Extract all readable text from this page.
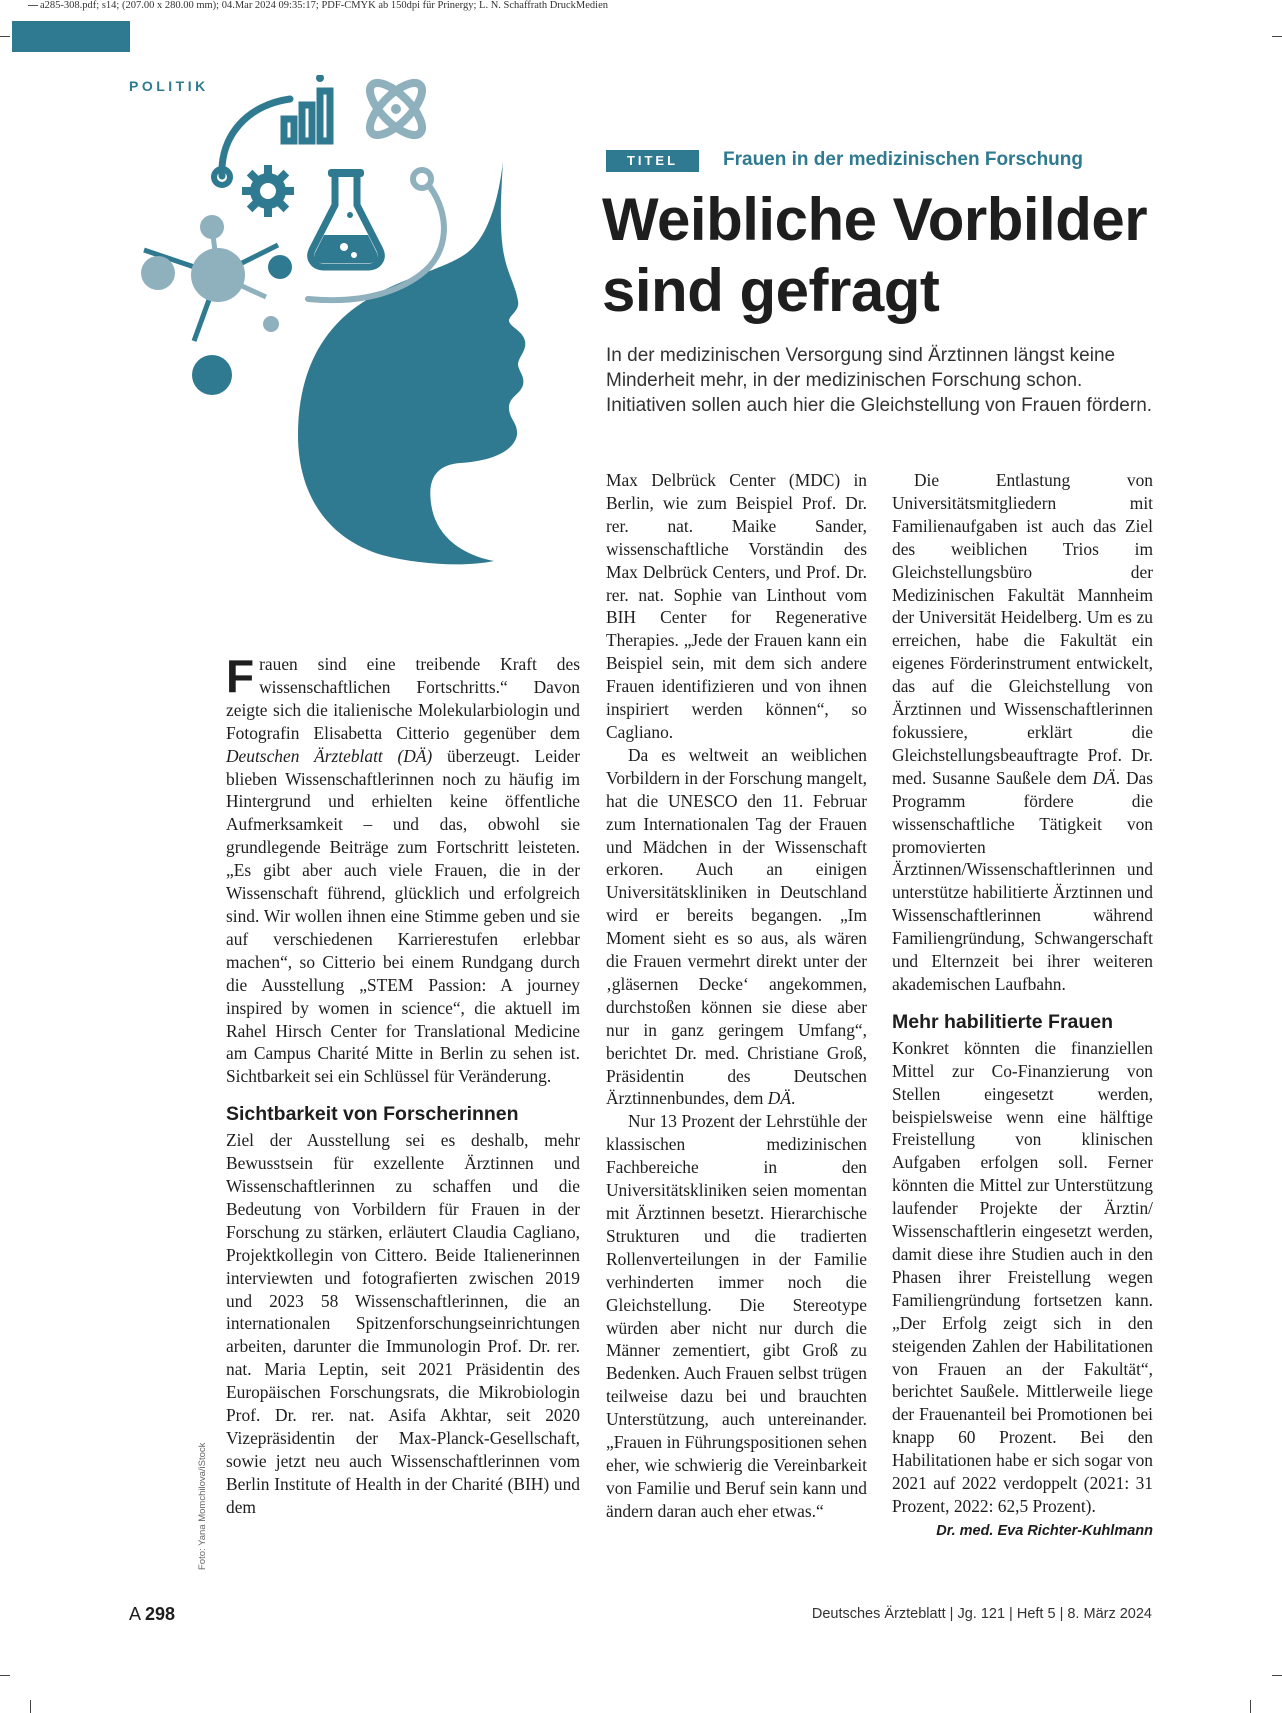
a285-308.pdf; s14; (207.00 x 280.00 mm); 04.Mar 2024 09:35:17; PDF-CMYK ab 150dpi für Prinergy; L. N. Schaffrath DruckMedien
POLITIK
TITEL	Frauen in der medizinischen Forschung
Weibliche Vorbilder
sind gefragt
In der medizinischen Versorgung sind Ärztinnen längst keine Minderheit mehr, in der medizinischen Forschung schon. Initiativen sollen auch hier die Gleichstellung von Frauen fördern.

Frauen sind eine treibende Kraft des wissenschaftlichen Fortschritts.“ Davon zeigte sich die italienische Molekularbiologin und Fotografin Elisabetta Citterio gegenüber dem Deutschen Ärzteblatt (DÄ) überzeugt. Leider blieben Wissenschaftlerinnen noch zu häufig im Hintergrund und erhielten keine öffentliche Aufmerksamkeit – und das, obwohl sie grundlegende Beiträge zum Fortschritt leisteten. „Es gibt aber auch viele Frauen, die in der Wissenschaft führend, glücklich und erfolgreich sind. Wir wollen ihnen eine Stimme geben und sie auf verschiedenen Karrierestufen erlebbar machen“, so Citterio bei einem Rundgang durch die Ausstellung „STEM Passion: A journey inspired by women in science“, die aktuell im Rahel Hirsch Center for Translational Medicine am Campus Charité Mitte in Berlin zu sehen ist. Sichtbarkeit sei ein Schlüssel für Veränderung.

Sichtbarkeit von Forscherinnen

Ziel der Ausstellung sei es deshalb, mehr Bewusstsein für exzellente Ärztinnen und Wissenschaftlerinnen zu schaffen und die Bedeutung von Vorbildern für Frauen in der Forschung zu stärken, erläutert Claudia Cagliano, Projektkollegin von Cittero. Beide Italienerinnen interviewten und fotografierten zwischen 2019 und 2023 58 Wissenschaftlerinnen, die an internationalen Spitzenforschungseinrichtungen arbeiten, darunter die Immunologin Prof. Dr. rer. nat. Maria Leptin, seit 2021 Präsidentin des Europäischen Forschungsrats, die Mikrobiologin Prof. Dr. rer. nat. Asifa Akhtar, seit 2020 Vizepräsidentin der Max-Planck-Gesellschaft, sowie jetzt neu auch Wissenschaftlerinnen vom Berlin Institute of Health in der Charité (BIH) und dem

Max Delbrück Center (MDC) in Berlin, wie zum Beispiel Prof. Dr. rer. nat. Maike Sander, wissenschaftliche Vorständin des Max Delbrück Centers, und Prof. Dr. rer. nat. Sophie van Linthout vom BIH Center for Regenerative Therapies. „Jede der Frauen kann ein Beispiel sein, mit dem sich andere Frauen identifizieren und von ihnen inspiriert werden können“, so Cagliano.

Da es weltweit an weiblichen Vorbildern in der Forschung mangelt, hat die UNESCO den 11. Februar zum Internationalen Tag der Frauen und Mädchen in der Wissenschaft erkoren. Auch an einigen Universitätskliniken in Deutschland wird er bereits begangen. „Im Moment sieht es so aus, als wären die Frauen vermehrt direkt unter der ‚gläsernen Decke‘ angekommen, durchstoßen können sie diese aber nur in ganz geringem Umfang“, berichtet Dr. med. Christiane Groß, Präsidentin des Deutschen Ärztinnenbundes, dem DÄ.

Nur 13 Prozent der Lehrstühle der klassischen medizinischen Fachbereiche in den Universitätskliniken seien momentan mit Ärztinnen besetzt. Hierarchische Strukturen und die tradierten Rollenverteilungen in der Familie verhinderten immer noch die Gleichstellung. Die Stereotype würden aber nicht nur durch die Männer zementiert, gibt Groß zu Bedenken. Auch Frauen selbst trügen teilweise dazu bei und brauchten Unterstützung, auch untereinander. „Frauen in Führungspositionen sehen eher, wie schwierig die Vereinbarkeit von Familie und Beruf sein kann und ändern daran auch eher etwas.“

Die Entlastung von Universitätsmitgliedern mit Familienaufgaben ist auch das Ziel des weiblichen Trios im Gleichstellungsbüro der Medizinischen Fakultät Mannheim der Universität Heidelberg. Um es zu erreichen, habe die Fakultät ein eigenes Förderinstrument entwickelt, das auf die Gleichstellung von Ärztinnen und Wissenschaftlerinnen fokussiere, erklärt die Gleichstellungsbeauftragte Prof. Dr. med. Susanne Saußele dem DÄ. Das Programm fördere die wissenschaftliche Tätigkeit von promovierten Ärztinnen/Wissenschaftlerinnen und unterstütze habilitierte Ärztinnen und Wissenschaftlerinnen während Familiengründung, Schwangerschaft und Elternzeit bei ihrer weiteren akademischen Laufbahn.

Mehr habilitierte Frauen

Konkret könnten die finanziellen Mittel zur Co-Finanzierung von Stellen eingesetzt werden, beispielsweise wenn eine hälftige Freistellung von klinischen Aufgaben erfolgen soll. Ferner könnten die Mittel zur Unterstützung laufender Projekte der Ärztin/ Wissenschaftlerin eingesetzt werden, damit diese ihre Studien auch in den Phasen ihrer Freistellung wegen Familiengründung fortsetzen kann. „Der Erfolg zeigt sich in den steigenden Zahlen der Habilitationen von Frauen an der Fakultät“, berichtet Saußele. Mittlerweile liege der Frauenanteil bei Promotionen bei knapp 60 Prozent. Bei den Habilitationen habe er sich sogar von 2021 auf 2022 verdoppelt (2021: 31 Prozent, 2022: 62,5 Prozent).

Dr. med. Eva Richter-Kuhlmann
Foto: Yana Momchilova/iStock
A 298	Deutsches Ärzteblatt | Jg. 121 | Heft 5 | 8. März 2024
